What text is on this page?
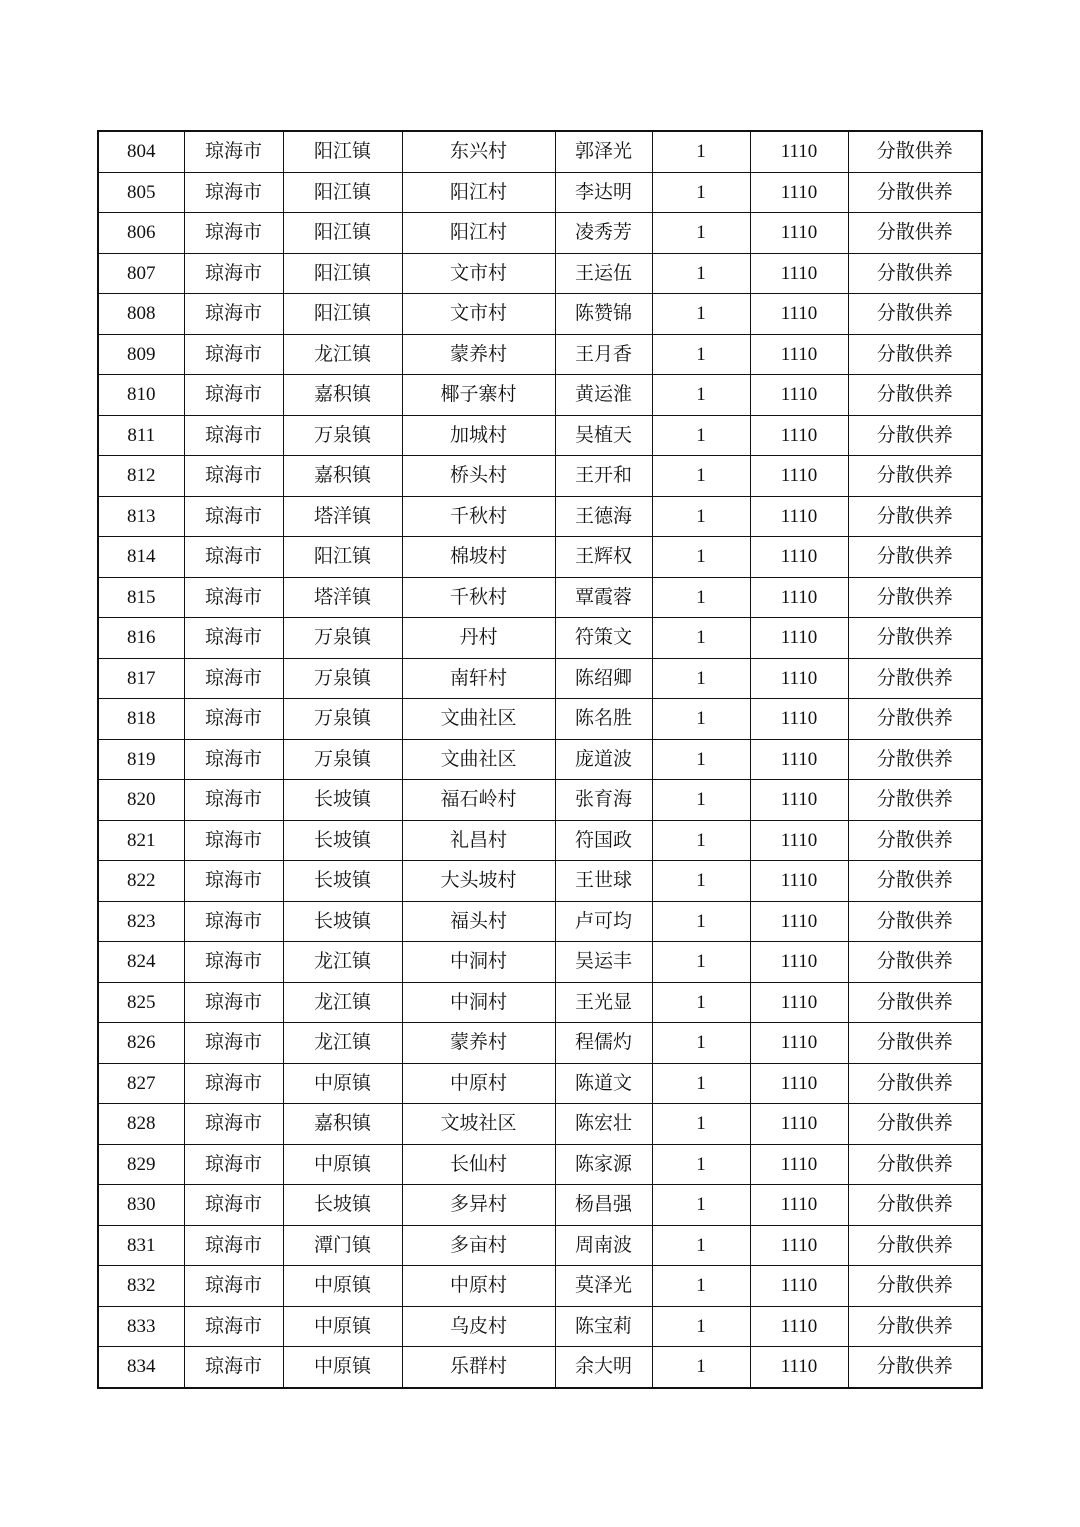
804	琼海市	阳江镇	东兴村	郭泽光	1	1110	分散供养
805	琼海市	阳江镇	阳江村	李达明	1	1110	分散供养
806	琼海市	阳江镇	阳江村	凌秀芳	1	1110	分散供养
807	琼海市	阳江镇	文市村	王运伍	1	1110	分散供养
808	琼海市	阳江镇	文市村	陈赞锦	1	1110	分散供养
809	琼海市	龙江镇	蒙养村	王月香	1	1110	分散供养
810	琼海市	嘉积镇	椰子寨村	黄运淮	1	1110	分散供养
811	琼海市	万泉镇	加城村	吴植天	1	1110	分散供养
812	琼海市	嘉积镇	桥头村	王开和	1	1110	分散供养
813	琼海市	塔洋镇	千秋村	王德海	1	1110	分散供养
814	琼海市	阳江镇	棉坡村	王辉权	1	1110	分散供养
815	琼海市	塔洋镇	千秋村	覃霞蓉	1	1110	分散供养
816	琼海市	万泉镇	丹村	符策文	1	1110	分散供养
817	琼海市	万泉镇	南轩村	陈绍卿	1	1110	分散供养
818	琼海市	万泉镇	文曲社区	陈名胜	1	1110	分散供养
819	琼海市	万泉镇	文曲社区	庞道波	1	1110	分散供养
820	琼海市	长坡镇	福石岭村	张育海	1	1110	分散供养
821	琼海市	长坡镇	礼昌村	符国政	1	1110	分散供养
822	琼海市	长坡镇	大头坡村	王世球	1	1110	分散供养
823	琼海市	长坡镇	福头村	卢可均	1	1110	分散供养
824	琼海市	龙江镇	中洞村	吴运丰	1	1110	分散供养
825	琼海市	龙江镇	中洞村	王光显	1	1110	分散供养
826	琼海市	龙江镇	蒙养村	程儒灼	1	1110	分散供养
827	琼海市	中原镇	中原村	陈道文	1	1110	分散供养
828	琼海市	嘉积镇	文坡社区	陈宏壮	1	1110	分散供养
829	琼海市	中原镇	长仙村	陈家源	1	1110	分散供养
830	琼海市	长坡镇	多异村	杨昌强	1	1110	分散供养
831	琼海市	潭门镇	多亩村	周南波	1	1110	分散供养
832	琼海市	中原镇	中原村	莫泽光	1	1110	分散供养
833	琼海市	中原镇	乌皮村	陈宝莉	1	1110	分散供养
834	琼海市	中原镇	乐群村	余大明	1	1110	分散供养
